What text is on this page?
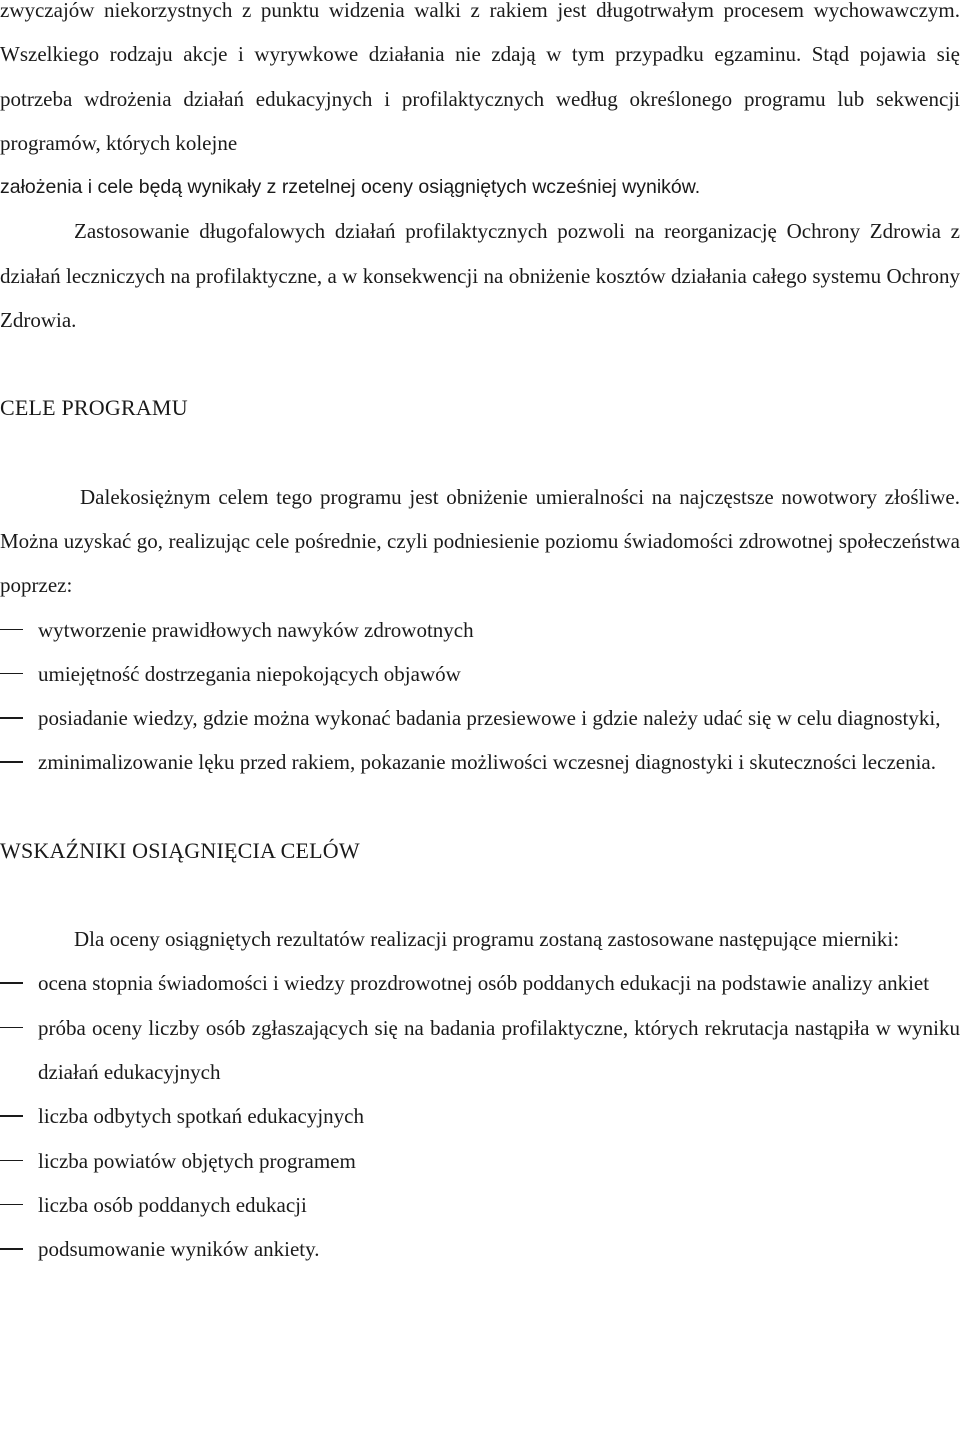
zwyczajów niekorzystnych z punktu widzenia walki z rakiem jest długotrwałym procesem wychowawczym. Wszelkiego rodzaju akcje i wyrywkowe działania nie zdają w tym przypadku egzaminu. Stąd pojawia się potrzeba wdrożenia działań edukacyjnych i profilaktycznych według określonego programu lub sekwencji programów, których kolejne

założenia i cele będą wynikały z rzetelnej oceny osiągniętych wcześniej wyników.

Zastosowanie długofalowych działań profilaktycznych pozwoli na reorganizację Ochrony Zdrowia z działań leczniczych na profilaktyczne, a w konsekwencji na obniżenie kosztów działania całego systemu Ochrony Zdrowia.

CELE PROGRAMU

Dalekosiężnym celem tego programu jest obniżenie umieralności na najczęstsze nowotwory złośliwe. Można uzyskać go, realizując cele pośrednie, czyli podniesienie poziomu świadomości zdrowotnej społeczeństwa poprzez:

wytworzenie prawidłowych nawyków zdrowotnych
umiejętność dostrzegania niepokojących objawów
posiadanie wiedzy, gdzie można wykonać badania przesiewowe i gdzie należy udać się w celu diagnostyki,
zminimalizowanie lęku przed rakiem, pokazanie możliwości wczesnej diagnostyki i skuteczności leczenia.
WSKAŹNIKI OSIĄGNIĘCIA CELÓW

Dla oceny osiągniętych rezultatów realizacji programu zostaną zastosowane następujące mierniki:

ocena stopnia świadomości i wiedzy prozdrowotnej osób poddanych edukacji na podstawie analizy ankiet
próba oceny liczby osób zgłaszających się na badania profilaktyczne, których rekrutacja nastąpiła w wyniku działań edukacyjnych
liczba odbytych spotkań edukacyjnych
liczba powiatów objętych programem
liczba osób poddanych edukacji
podsumowanie wyników ankiety.
